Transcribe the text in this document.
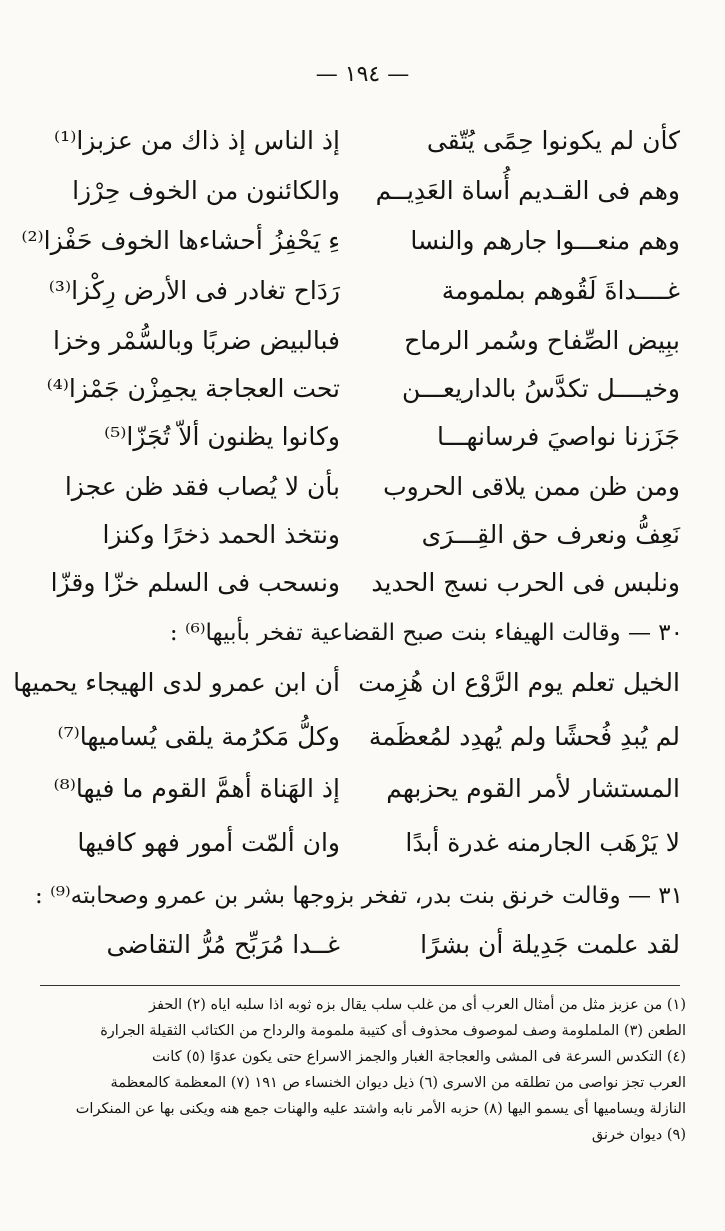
— ١٩٤ —
كأن لم يكونوا حِمًى يُتّقى
إذ الناس إذ ذاك من عزبزا⁽¹⁾
وهم فى القـديم أُساة العَدِيــم
والكائنون من الخوف حِرْزا
وهم منعـــوا جارهم والنسا
ءِ يَحْفِزُ أحشاءها الخوف حَفْزا⁽²⁾
غــــداةَ لَقُوهم بملمومة
رَدَاح تغادر فى الأرض رِكْزا⁽³⁾
ببِيض الصِّفاح وسُمر الرماح
فبالبيض ضربًا وبالسُّمْر وخزا
وخيــــل تكدَّسُ بالداريعـــن
تحت العجاجة يجمِزْن جَمْزا⁽⁴⁾
جَزَزنا نواصيَ فرسانهـــا
وكانوا يظنون ألاّ تُجَزّا⁽⁵⁾
ومن ظن ممن يلاقى الحروب
بأن لا يُصاب فقد ظن عجزا
نَعِفُّ ونعرف حق القِـــرَى
ونتخذ الحمد ذخرًا وكنزا
ونلبس فى الحرب نسج الحديد
ونسحب فى السلم خزّا وقزّا
٣٠ — وقالت الهيفاء بنت صبح القضاعية تفخر بأبيها⁽⁶⁾ :
الخيل تعلم يوم الرَّوْع ان هُزِمت
أن ابن عمرو لدى الهيجاء يحميها
لم يُبدِ فُحشًا ولم يُهدِد لمُعظَمة
وكلُّ مَكرُمة يلقى يُساميها⁽⁷⁾
المستشار لأمر القوم يحزبهم
إذ الهَناة أهمَّ القوم ما فيها⁽⁸⁾
لا يَرْهَب الجارمنه غدرة أبدًا
وان ألمّت أمور فهو كافيها
٣١ — وقالت خرنق بنت بدر، تفخر بزوجها بشر بن عمرو وصحابته⁽⁹⁾ :
لقد علمت جَدِيلة أن بشرًا
غــدا مُرَبِّح مُرُّ التقاضى
(١) من عزبز مثل من أمثال العرب أى من غلب سلب يقال بزه ثوبه اذا سلبه اياه (٢) الحفز
الطعن (٣) الململومة وصف لموصوف محذوف أى كتيبة ملمومة والرداح من الكتائب الثقيلة الجرارة
(٤) التكدس السرعة فى المشى والعجاجة الغبار والجمز الاسراع حتى يكون عدوًا (٥) كانت
العرب تجز نواصى من تطلقه من الاسرى (٦) ذيل ديوان الخنساء ص ١٩١ (٧) المعظمة كالمعظمة
النازلة ويساميها أى يسمو اليها (٨) حزبه الأمر نابه واشتد عليه والهنات جمع هنه ويكنى بها عن المنكرات
(٩) ديوان خرنق
